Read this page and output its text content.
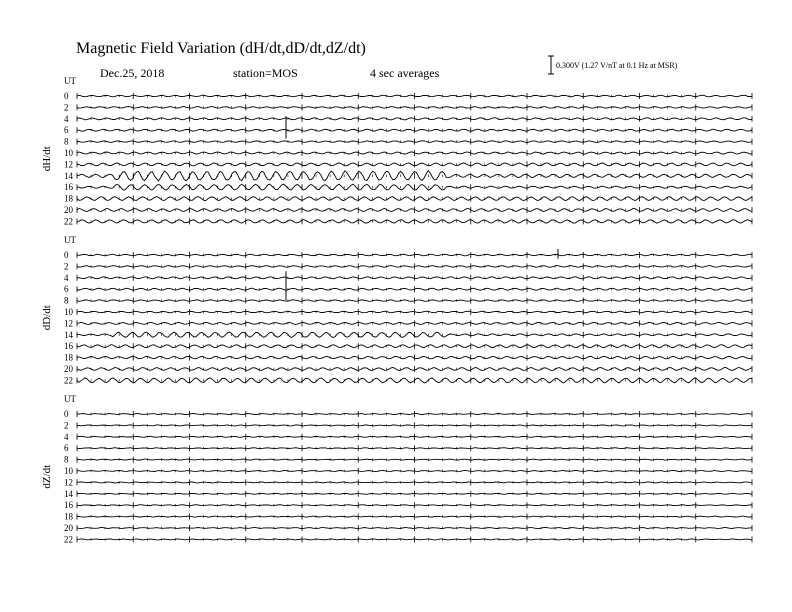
Magnetic Field Variation (dH/dt,dD/dt,dZ/dt)
Dec.25, 2018	station=MOS	4 sec averages
0.300V (1.27 V/nT at 0.1 Hz at MSR)
UT
dH/dt
0
2
4
6
8
10
12
14
16
18
20
22
UT
dD/dt
0
2
4
6
8
10
12
14
16
18
20
22
UT
dZ/dt
0
2
4
6
8
10
12
14
16
18
20
22
